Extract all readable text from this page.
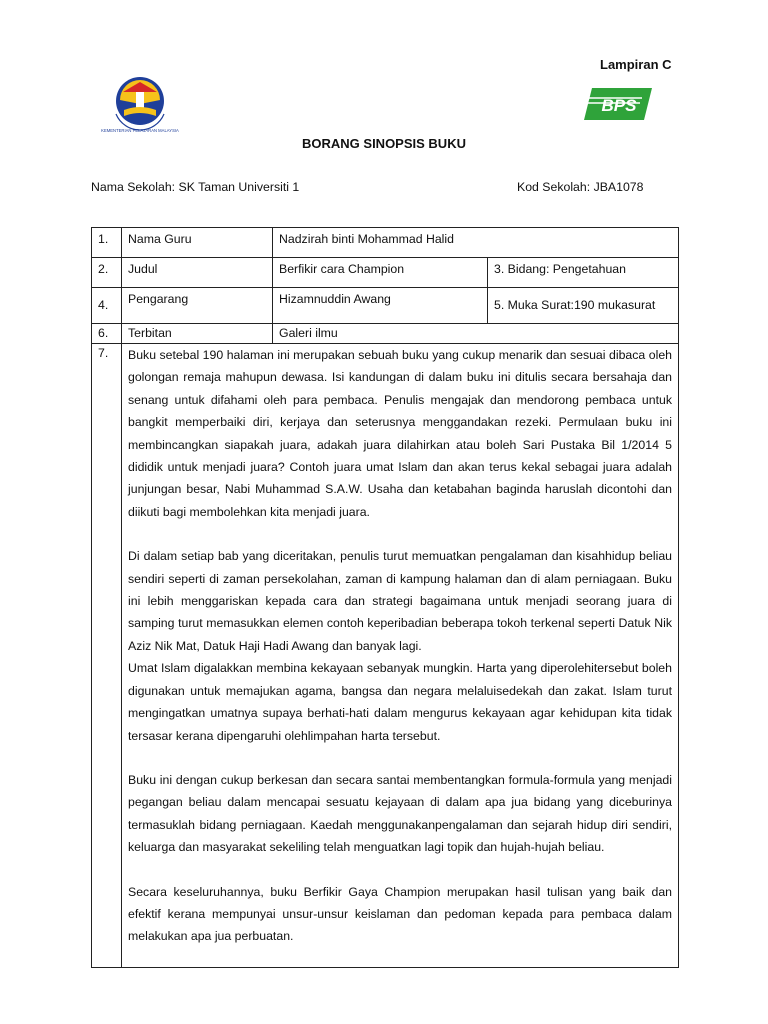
Lampiran C
KEMENTERIAN PELAJARAN MALAYSIA
BPS
BORANG SINOPSIS BUKU
Nama Sekolah: SK Taman Universiti 1	Kod Sekolah: JBA1078
1.	Nama Guru	Nadzirah binti Mohammad Halid	
2.	Judul	Berfikir cara Champion	3. Bidang: Pengetahuan
4.	Pengarang	Hizamnuddin Awang	5. Muka Surat:190 mukasurat
6.	Terbitan	Galeri ilmu	
7.	Buku setebal 190 halaman ini merupakan sebuah buku yang cukup menarik dan sesuai dibaca oleh golongan remaja mahupun dewasa. Isi kandungan di dalam buku ini ditulis secara bersahaja dan senang untuk difahami oleh para pembaca. Penulis mengajak dan mendorong pembaca untuk bangkit memperbaiki diri, kerjaya dan seterusnya menggandakan rezeki. Permulaan buku ini membincangkan siapakah juara, adakah juara dilahirkan atau boleh Sari Pustaka Bil 1/2014 5 dididik untuk menjadi juara? Contoh juara umat Islam dan akan terus kekal sebagai juara adalah junjungan besar, Nabi Muhammad S.A.W. Usaha dan ketabahan baginda haruslah dicontohi dan diikuti bagi membolehkan kita menjadi juara.

Di dalam setiap bab yang diceritakan, penulis turut memuatkan pengalaman dan kisahhidup beliau sendiri seperti di zaman persekolahan, zaman di kampung halaman dan di alam perniagaan. Buku ini lebih menggariskan kepada cara dan strategi bagaimana untuk menjadi seorang juara di samping turut memasukkan elemen contoh keperibadian beberapa tokoh terkenal seperti Datuk Nik Aziz Nik Mat, Datuk Haji Hadi Awang dan banyak lagi.

Umat Islam digalakkan membina kekayaan sebanyak mungkin. Harta yang diperolehitersebut boleh digunakan untuk memajukan agama, bangsa dan negara melaluisedekah dan zakat. Islam turut mengingatkan umatnya supaya berhati-hati dalam mengurus kekayaan agar kehidupan kita tidak tersasar kerana dipengaruhi olehlimpahan harta tersebut.

Buku ini dengan cukup berkesan dan secara santai membentangkan formula-formula yang menjadi pegangan beliau dalam mencapai sesuatu kejayaan di dalam apa jua bidang yang diceburinya termasuklah bidang perniagaan. Kaedah menggunakanpengalaman dan sejarah hidup diri sendiri, keluarga dan masyarakat sekeliling telah menguatkan lagi topik dan hujah-hujah beliau.

Secara keseluruhannya, buku Berfikir Gaya Champion merupakan hasil tulisan yang baik dan efektif kerana mempunyai unsur-unsur keislaman dan pedoman kepada para pembaca dalam melakukan apa jua perbuatan.		
